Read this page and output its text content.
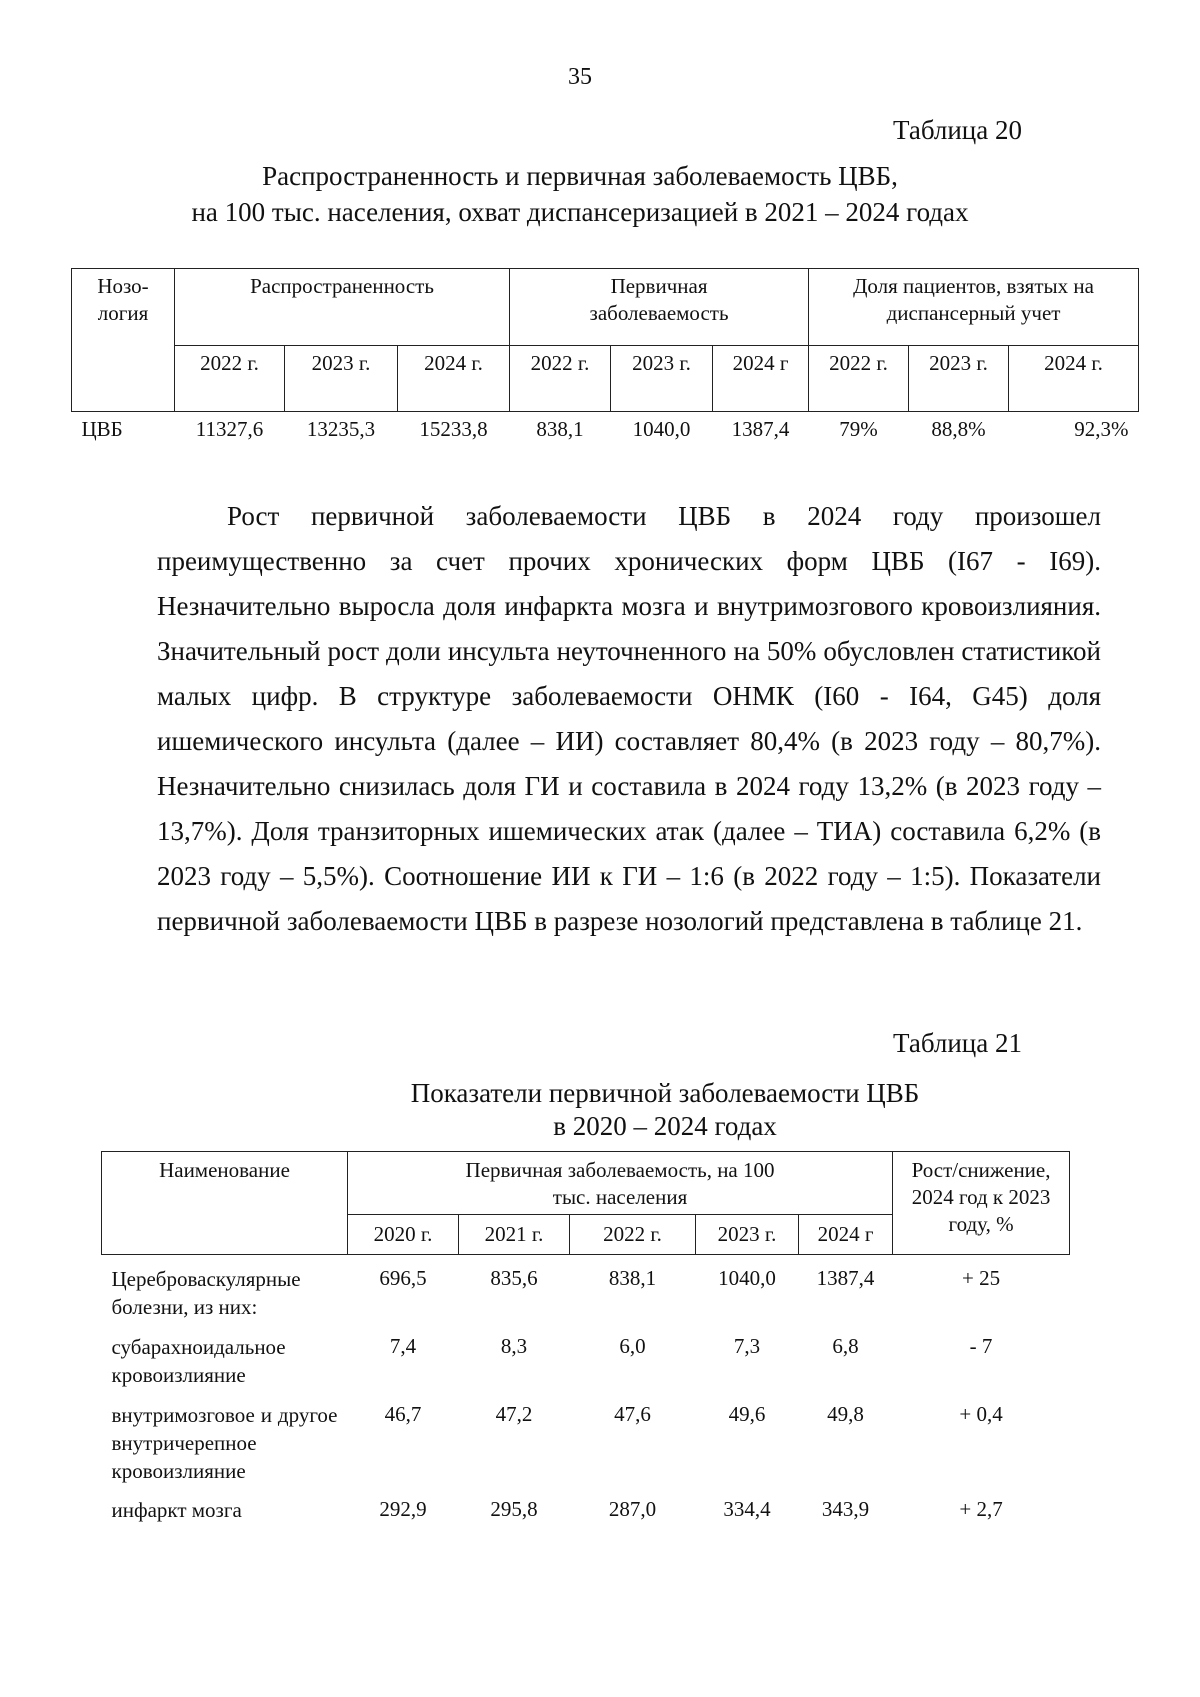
35
Таблица 20
Распространенность и первичная заболеваемость ЦВБ,
на 100 тыс. населения, охват диспансеризацией в 2021 – 2024 годах
Нозо-логия	Распространенность			Первичная заболеваемость			Доля пациентов, взятых на диспансерный учет		
	2022 г.	2023 г.	2024 г.	2022 г.	2023 г.	2024 г	2022 г.	2023 г.	2024 г.
ЦВБ	11327,6	13235,3	15233,8	838,1	1040,0	1387,4	79%	88,8%	92,3%
Рост первичной заболеваемости ЦВБ в 2024 году произошел преимущественно за счет прочих хронических форм ЦВБ (I67 - I69). Незначительно выросла доля инфаркта мозга и внутримозгового кровоизлияния. Значительный рост доли инсульта неуточненного на 50% обусловлен статистикой малых цифр. В структуре заболеваемости ОНМК (I60 - I64, G45) доля ишемического инсульта (далее – ИИ) составляет 80,4% (в 2023 году – 80,7%). Незначительно снизилась доля ГИ и составила в 2024 году 13,2% (в 2023 году – 13,7%). Доля транзиторных ишемических атак (далее – ТИА) составила 6,2% (в 2023 году – 5,5%). Соотношение ИИ к ГИ – 1:6 (в 2022 году – 1:5). Показатели первичной заболеваемости ЦВБ в разрезе нозологий представлена в таблице 21.
Таблица 21
Показатели первичной заболеваемости ЦВБ
в 2020 – 2024 годах
Наименование	Первичная заболеваемость, на 100 тыс. населения					Рост/снижение, 2024 год к 2023 году, %
	2020 г.	2021 г.	2022 г.	2023 г.	2024 г	
Цереброваскулярные болезни, из них:	696,5	835,6	838,1	1040,0	1387,4	+ 25
субарахноидальное кровоизлияние	7,4	8,3	6,0	7,3	6,8	- 7
внутримозговое и другое внутричерепное кровоизлияние	46,7	47,2	47,6	49,6	49,8	+ 0,4
инфаркт мозга	292,9	295,8	287,0	334,4	343,9	+ 2,7
